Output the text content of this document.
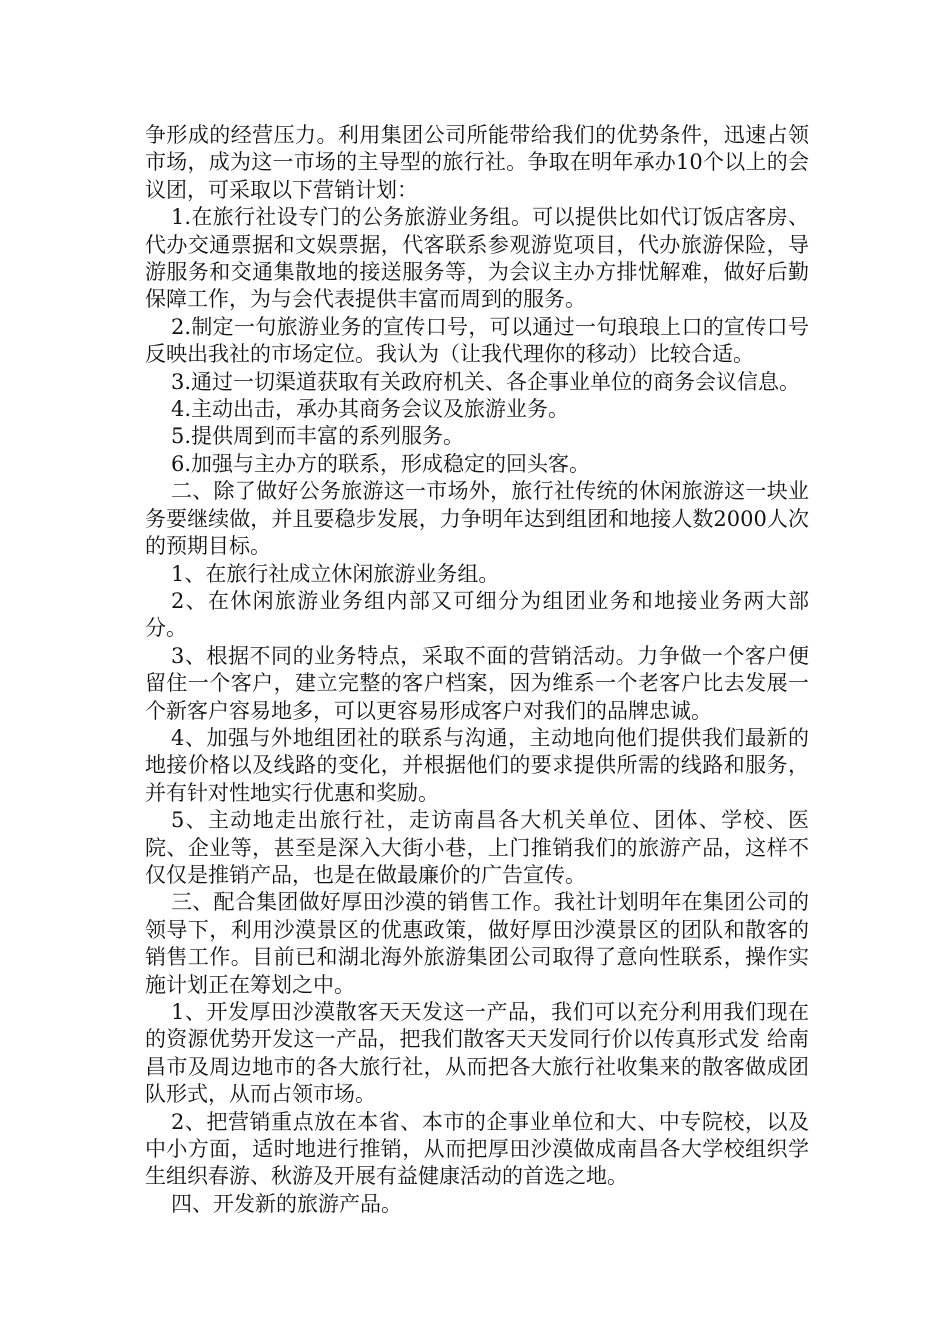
争形成的经营压力。利用集团公司所能带给我们的优势条件，迅速占领市场，成为这一市场的主导型的旅行社。争取在明年承办10个以上的会议团，可采取以下营销计划：

1.在旅行社设专门的公务旅游业务组。可以提供比如代订饭店客房、代办交通票据和文娱票据，代客联系参观游览项目，代办旅游保险，导游服务和交通集散地的接送服务等，为会议主办方排忧解难，做好后勤保障工作，为与会代表提供丰富而周到的服务。

2.制定一句旅游业务的宣传口号，可以通过一句琅琅上口的宣传口号反映出我社的市场定位。我认为（让我代理你的移动）比较合适。

3.通过一切渠道获取有关政府机关、各企事业单位的商务会议信息。

4.主动出击，承办其商务会议及旅游业务。

5.提供周到而丰富的系列服务。

6.加强与主办方的联系，形成稳定的回头客。

二、除了做好公务旅游这一市场外，旅行社传统的休闲旅游这一块业务要继续做，并且要稳步发展，力争明年达到组团和地接人数2000人次的预期目标。

1、在旅行社成立休闲旅游业务组。

2、在休闲旅游业务组内部又可细分为组团业务和地接业务两大部分。

3、根据不同的业务特点，采取不面的营销活动。力争做一个客户便留住一个客户，建立完整的客户档案，因为维系一个老客户比去发展一个新客户容易地多，可以更容易形成客户对我们的品牌忠诚。

4、加强与外地组团社的联系与沟通，主动地向他们提供我们最新的地接价格以及线路的变化，并根据他们的要求提供所需的线路和服务，并有针对性地实行优惠和奖励。

5、主动地走出旅行社，走访南昌各大机关单位、团体、学校、医院、企业等，甚至是深入大街小巷，上门推销我们的旅游产品，这样不仅仅是推销产品，也是在做最廉价的广告宣传。

三、配合集团做好厚田沙漠的销售工作。我社计划明年在集团公司的领导下，利用沙漠景区的优惠政策，做好厚田沙漠景区的团队和散客的销售工作。目前已和湖北海外旅游集团公司取得了意向性联系，操作实施计划正在筹划之中。

1、开发厚田沙漠散客天天发这一产品，我们可以充分利用我们现在的资源优势开发这一产品，把我们散客天天发同行价以传真形式发 给南昌市及周边地市的各大旅行社，从而把各大旅行社收集来的散客做成团队形式，从而占领市场。

2、把营销重点放在本省、本市的企事业单位和大、中专院校，以及中小方面，适时地进行推销，从而把厚田沙漠做成南昌各大学校组织学生组织春游、秋游及开展有益健康活动的首选之地。

四、开发新的旅游产品。
